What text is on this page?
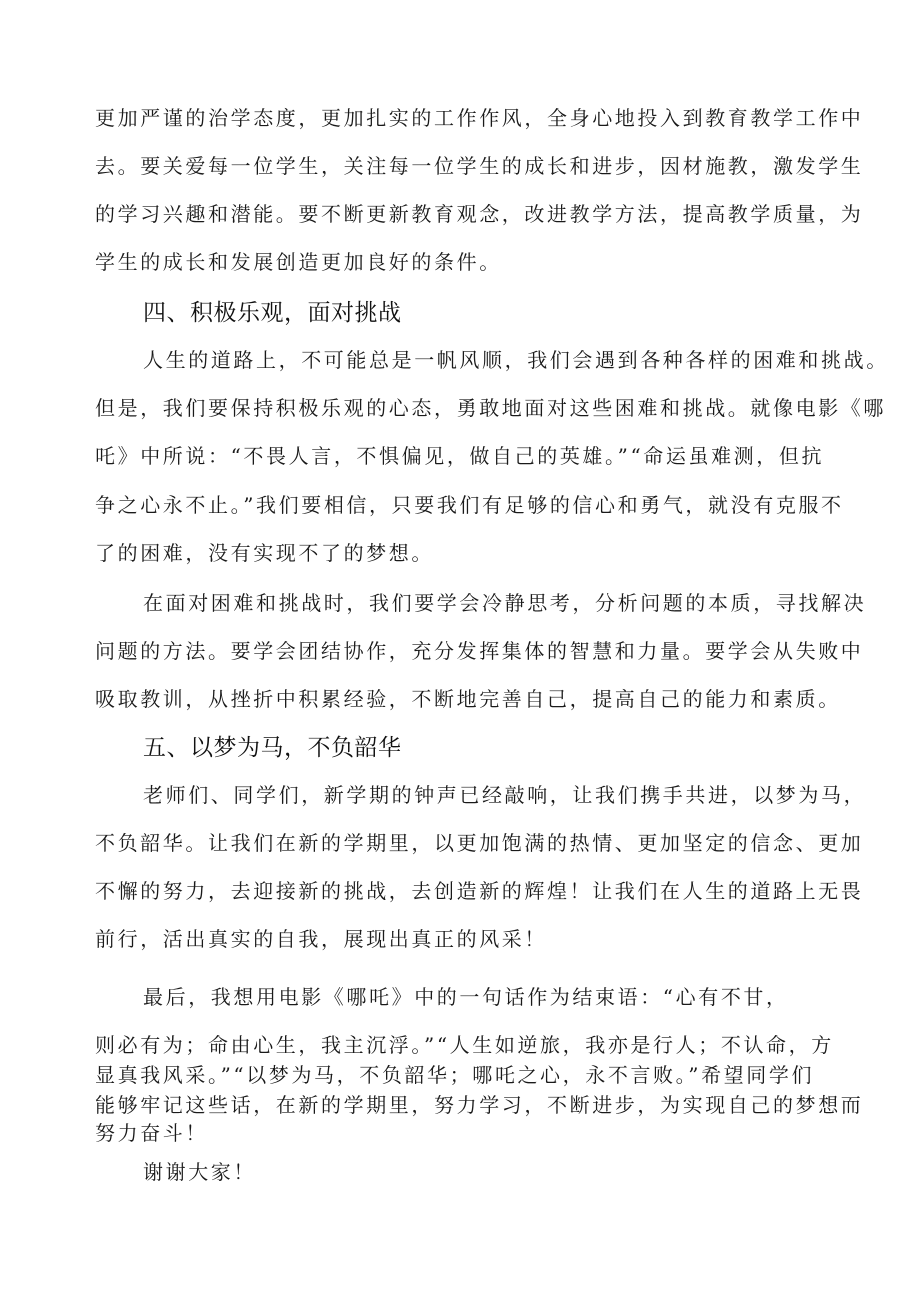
更加严谨的治学态度，更加扎实的工作作风，全身心地投入到教育教学工作中
去。要关爱每一位学生，关注每一位学生的成长和进步，因材施教，激发学生
的学习兴趣和潜能。要不断更新教育观念，改进教学方法，提高教学质量，为
学生的成长和发展创造更加良好的条件。
四、积极乐观，面对挑战
人生的道路上，不可能总是一帆风顺，我们会遇到各种各样的困难和挑战。
但是，我们要保持积极乐观的心态，勇敢地面对这些困难和挑战。就像电影《哪
吒》中所说：“不畏人言，不惧偏见，做自己的英雄。”“命运虽难测，但抗
争之心永不止。”我们要相信，只要我们有足够的信心和勇气，就没有克服不
了的困难，没有实现不了的梦想。
在面对困难和挑战时，我们要学会冷静思考，分析问题的本质，寻找解决
问题的方法。要学会团结协作，充分发挥集体的智慧和力量。要学会从失败中
吸取教训，从挫折中积累经验，不断地完善自己，提高自己的能力和素质。
五、以梦为马，不负韶华
老师们、同学们，新学期的钟声已经敲响，让我们携手共进，以梦为马，
不负韶华。让我们在新的学期里，以更加饱满的热情、更加坚定的信念、更加
不懈的努力，去迎接新的挑战，去创造新的辉煌！让我们在人生的道路上无畏
前行，活出真实的自我，展现出真正的风采！
最后，我想用电影《哪吒》中的一句话作为结束语：“心有不甘，
则必有为；命由心生，我主沉浮。”“人生如逆旅，我亦是行人；不认命，方
显真我风采。”“以梦为马，不负韶华；哪吒之心，永不言败。”希望同学们
能够牢记这些话，在新的学期里，努力学习，不断进步，为实现自己的梦想而
努力奋斗！
谢谢大家！
